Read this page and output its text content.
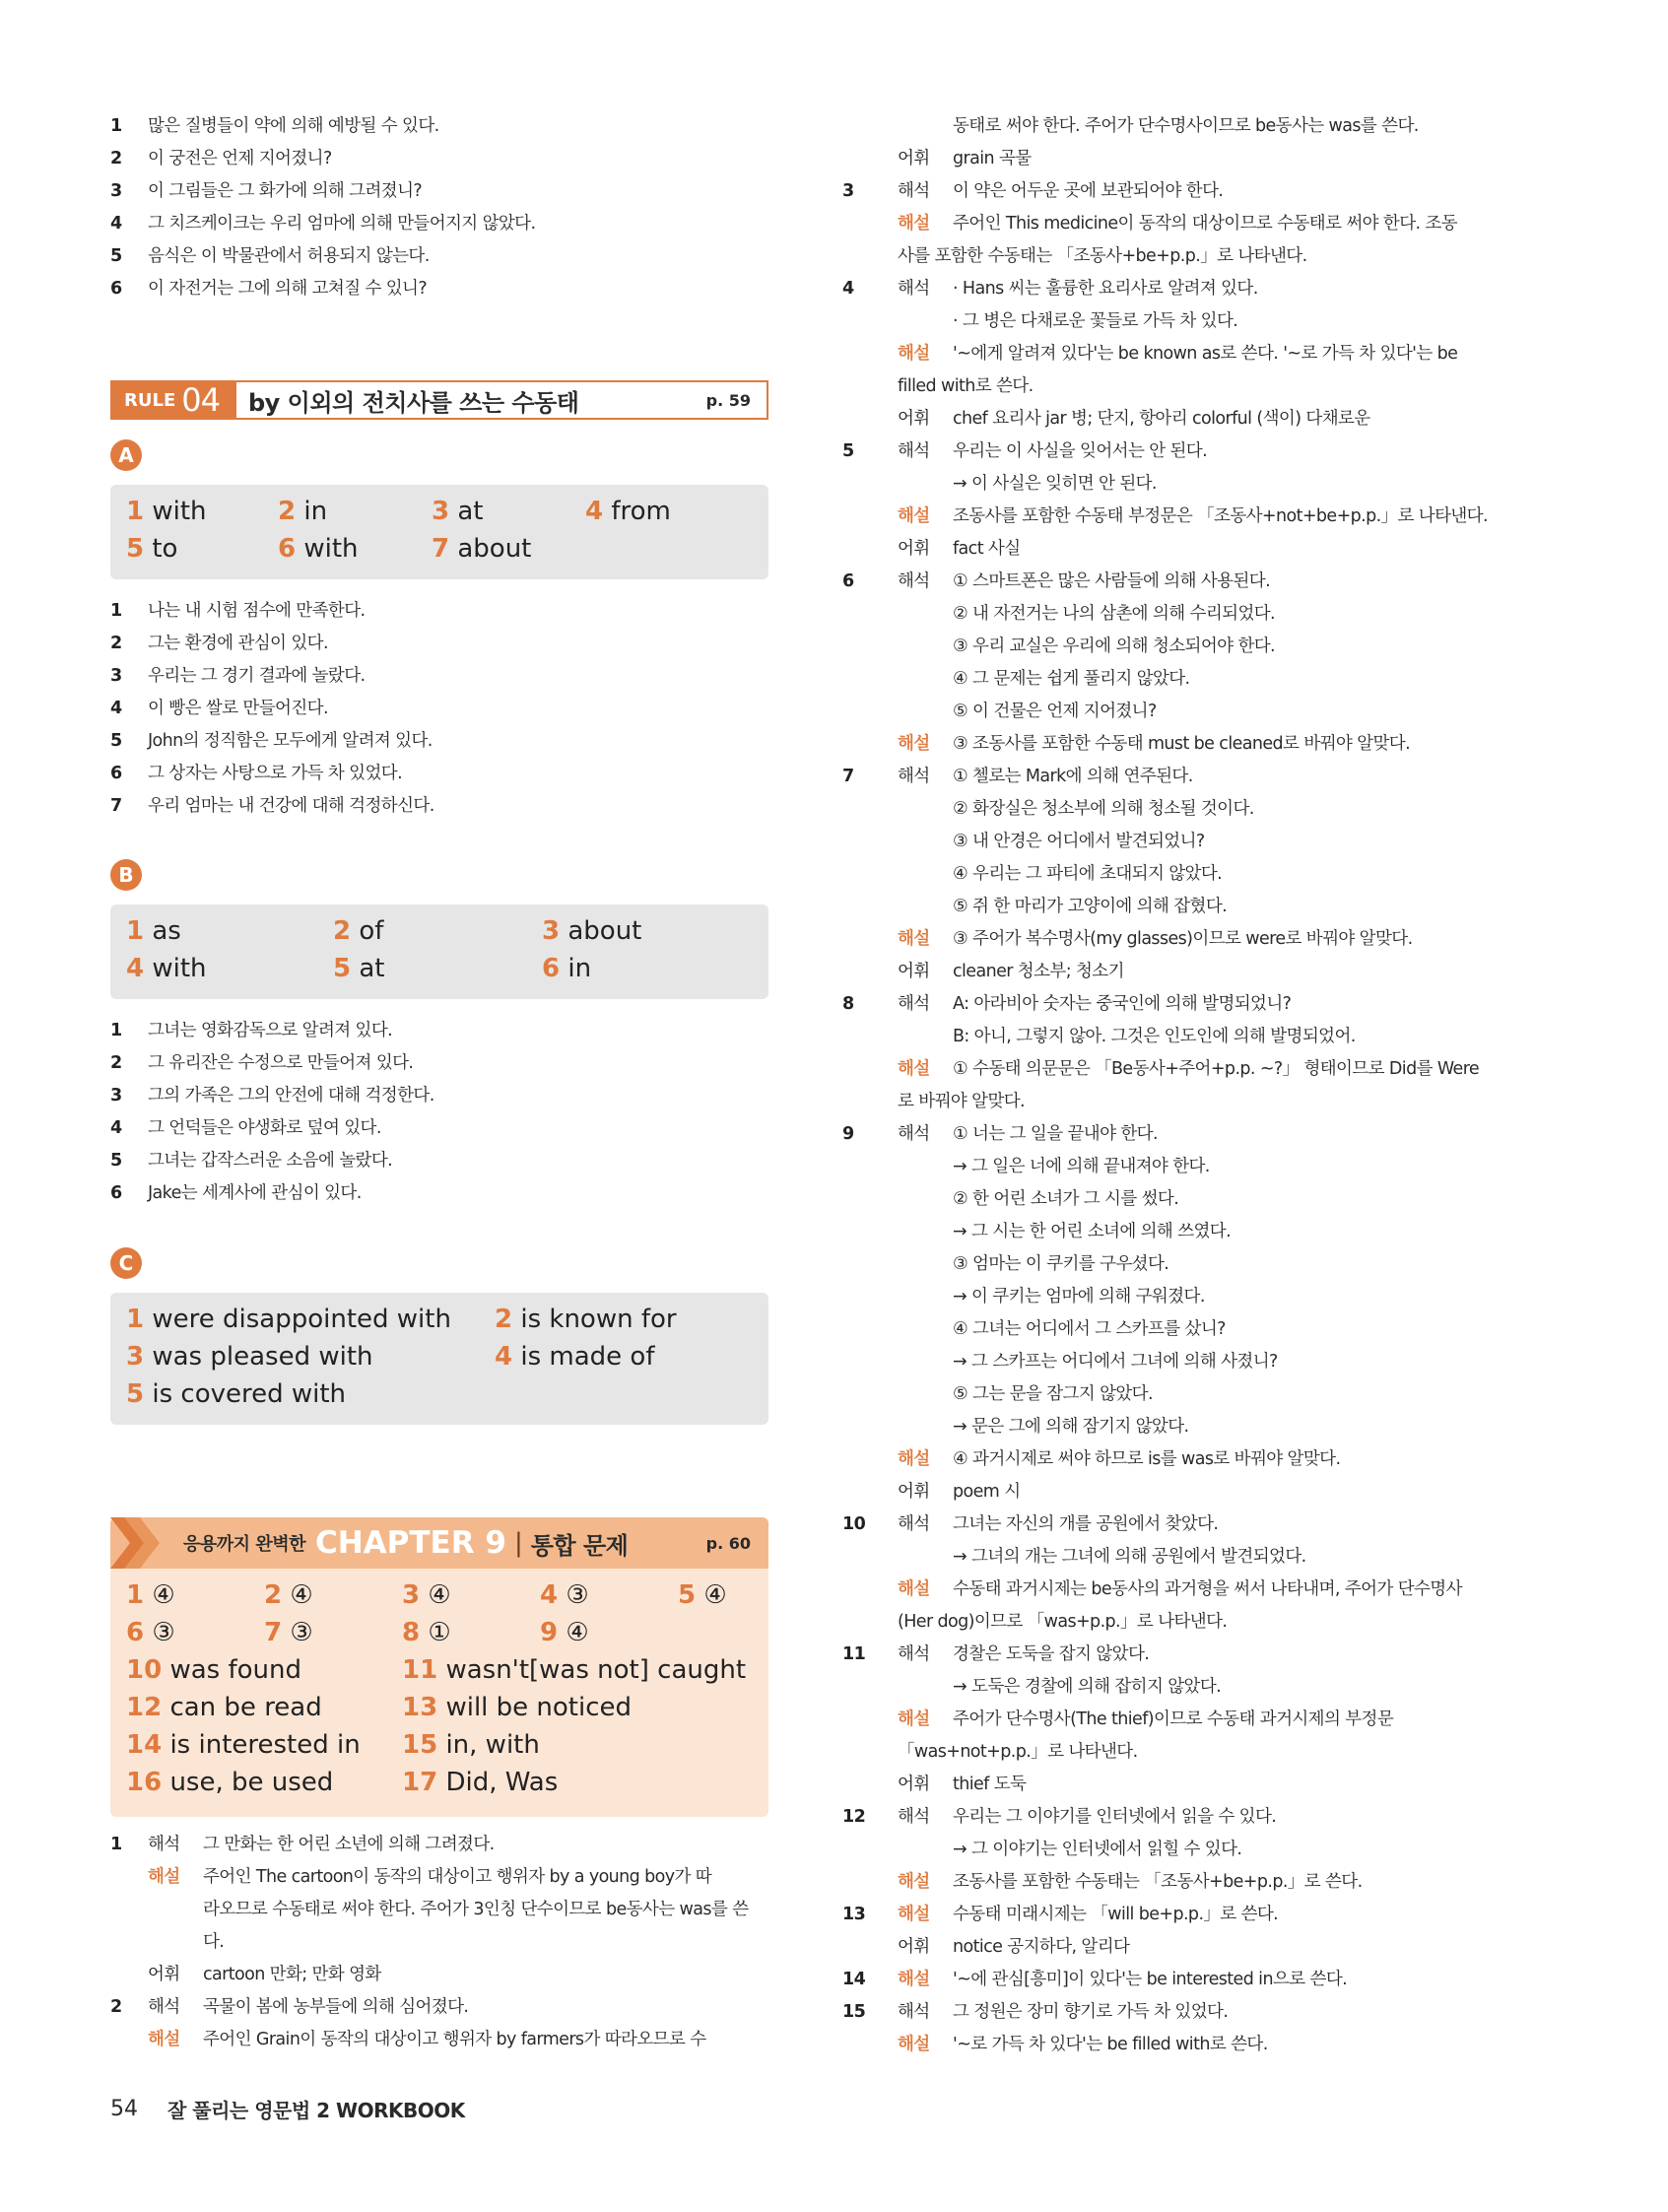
1	많은 질병들이 약에 의해 예방될 수 있다.
2	이 궁전은 언제 지어졌니?
3	이 그림들은 그 화가에 의해 그려졌니?
4	그 치즈케이크는 우리 엄마에 의해 만들어지지 않았다.
5	음식은 이 박물관에서 허용되지 않는다.
6	이 자전거는 그에 의해 고쳐질 수 있니?
RULE 04 by 이외의 전치사를 쓰는 수동태	p. 59
A
1 with	2 in	3 at	4 from
5 to	6 with	7 about
1	나는 내 시험 점수에 만족한다.
2	그는 환경에 관심이 있다.
3	우리는 그 경기 결과에 놀랐다.
4	이 빵은 쌀로 만들어진다.
5	John의 정직함은 모두에게 알려져 있다.
6	그 상자는 사탕으로 가득 차 있었다.
7	우리 엄마는 내 건강에 대해 걱정하신다.
B
1 as	2 of	3 about
4 with	5 at	6 in
1	그녀는 영화감독으로 알려져 있다.
2	그 유리잔은 수정으로 만들어져 있다.
3	그의 가족은 그의 안전에 대해 걱정한다.
4	그 언덕들은 야생화로 덮여 있다.
5	그녀는 갑작스러운 소음에 놀랐다.
6	Jake는 세계사에 관심이 있다.
C
1 were disappointed with 2 is known for
3 was pleased with	4 is made of
5 is covered with
응용까지 완벽한 CHAPTER 9 | 통합 문제	p. 60
1 ④	2 ④	3 ④	4 ③	5 ④
6 ③	7 ③	8 ①	9 ④
10 was found	11 wasn't[was not] caught
12 can be read	13 will be noticed
14 is interested in 15 in, with
16 use, be used	17 Did, Was
1	해석	그 만화는 한 어린 소년에 의해 그려졌다.
해설	주어인 The cartoon이 동작의 대상이고 행위자 by a young boy가 따
라오므로 수동태로 써야 한다. 주어가 3인칭 단수이므로 be동사는 was를 쓴
다.
어휘	cartoon 만화; 만화 영화
2	해석	곡물이 봄에 농부들에 의해 심어졌다.
해설	주어인 Grain이 동작의 대상이고 행위자 by farmers가 따라오므로 수
동태로 써야 한다. 주어가 단수명사이므로 be동사는 was를 쓴다.
어휘	grain 곡물
3	해석	이 약은 어두운 곳에 보관되어야 한다.
해설	주어인 This medicine이 동작의 대상이므로 수동태로 써야 한다. 조동
사를 포함한 수동태는 「조동사+be+p.p.」로 나타낸다.
4	해석	· Hans 씨는 훌륭한 요리사로 알려져 있다.
· 그 병은 다채로운 꽃들로 가득 차 있다.
해설	'~에게 알려져 있다'는 be known as로 쓴다. '~로 가득 차 있다'는 be
filled with로 쓴다.
어휘	chef 요리사 jar 병; 단지, 항아리 colorful (색이) 다채로운
5	해석	우리는 이 사실을 잊어서는 안 된다.
→ 이 사실은 잊히면 안 된다.
해설	조동사를 포함한 수동태 부정문은 「조동사+not+be+p.p.」로 나타낸다.
어휘	fact 사실
6	해석	① 스마트폰은 많은 사람들에 의해 사용된다.
② 내 자전거는 나의 삼촌에 의해 수리되었다.
③ 우리 교실은 우리에 의해 청소되어야 한다.
④ 그 문제는 쉽게 풀리지 않았다.
⑤ 이 건물은 언제 지어졌니?
해설	③ 조동사를 포함한 수동태 must be cleaned로 바꿔야 알맞다.
7	해석	① 첼로는 Mark에 의해 연주된다.
② 화장실은 청소부에 의해 청소될 것이다.
③ 내 안경은 어디에서 발견되었니?
④ 우리는 그 파티에 초대되지 않았다.
⑤ 쥐 한 마리가 고양이에 의해 잡혔다.
해설	③ 주어가 복수명사(my glasses)이므로 were로 바꿔야 알맞다.
어휘	cleaner 청소부; 청소기
8	해석	A: 아라비아 숫자는 중국인에 의해 발명되었니?
B: 아니, 그렇지 않아. 그것은 인도인에 의해 발명되었어.
해설	① 수동태 의문문은 「Be동사+주어+p.p. ~?」 형태이므로 Did를 Were
로 바꿔야 알맞다.
9	해석	① 너는 그 일을 끝내야 한다.
→ 그 일은 너에 의해 끝내져야 한다.
② 한 어린 소녀가 그 시를 썼다.
→ 그 시는 한 어린 소녀에 의해 쓰였다.
③ 엄마는 이 쿠키를 구우셨다.
→ 이 쿠키는 엄마에 의해 구워졌다.
④ 그녀는 어디에서 그 스카프를 샀니?
→ 그 스카프는 어디에서 그녀에 의해 사졌니?
⑤ 그는 문을 잠그지 않았다.
→ 문은 그에 의해 잠기지 않았다.
해설	④ 과거시제로 써야 하므로 is를 was로 바꿔야 알맞다.
어휘	poem 시
10	해석	그녀는 자신의 개를 공원에서 찾았다.
→ 그녀의 개는 그녀에 의해 공원에서 발견되었다.
해설	수동태 과거시제는 be동사의 과거형을 써서 나타내며, 주어가 단수명사
(Her dog)이므로 「was+p.p.」로 나타낸다.
11	해석	경찰은 도둑을 잡지 않았다.
→ 도둑은 경찰에 의해 잡히지 않았다.
해설	주어가 단수명사(The thief)이므로 수동태 과거시제의 부정문
「was+not+p.p.」로 나타낸다.
어휘	thief 도둑
12	해석	우리는 그 이야기를 인터넷에서 읽을 수 있다.
→ 그 이야기는 인터넷에서 읽힐 수 있다.
해설	조동사를 포함한 수동태는 「조동사+be+p.p.」로 쓴다.
13	해설	수동태 미래시제는 「will be+p.p.」로 쓴다.
어휘	notice 공지하다, 알리다
14	해설	'~에 관심[흥미]이 있다'는 be interested in으로 쓴다.
15	해석	그 정원은 장미 향기로 가득 차 있었다.
해설	'~로 가득 차 있다'는 be filled with로 쓴다.
54 잘 풀리는 영문법 2 WORKBOOK
